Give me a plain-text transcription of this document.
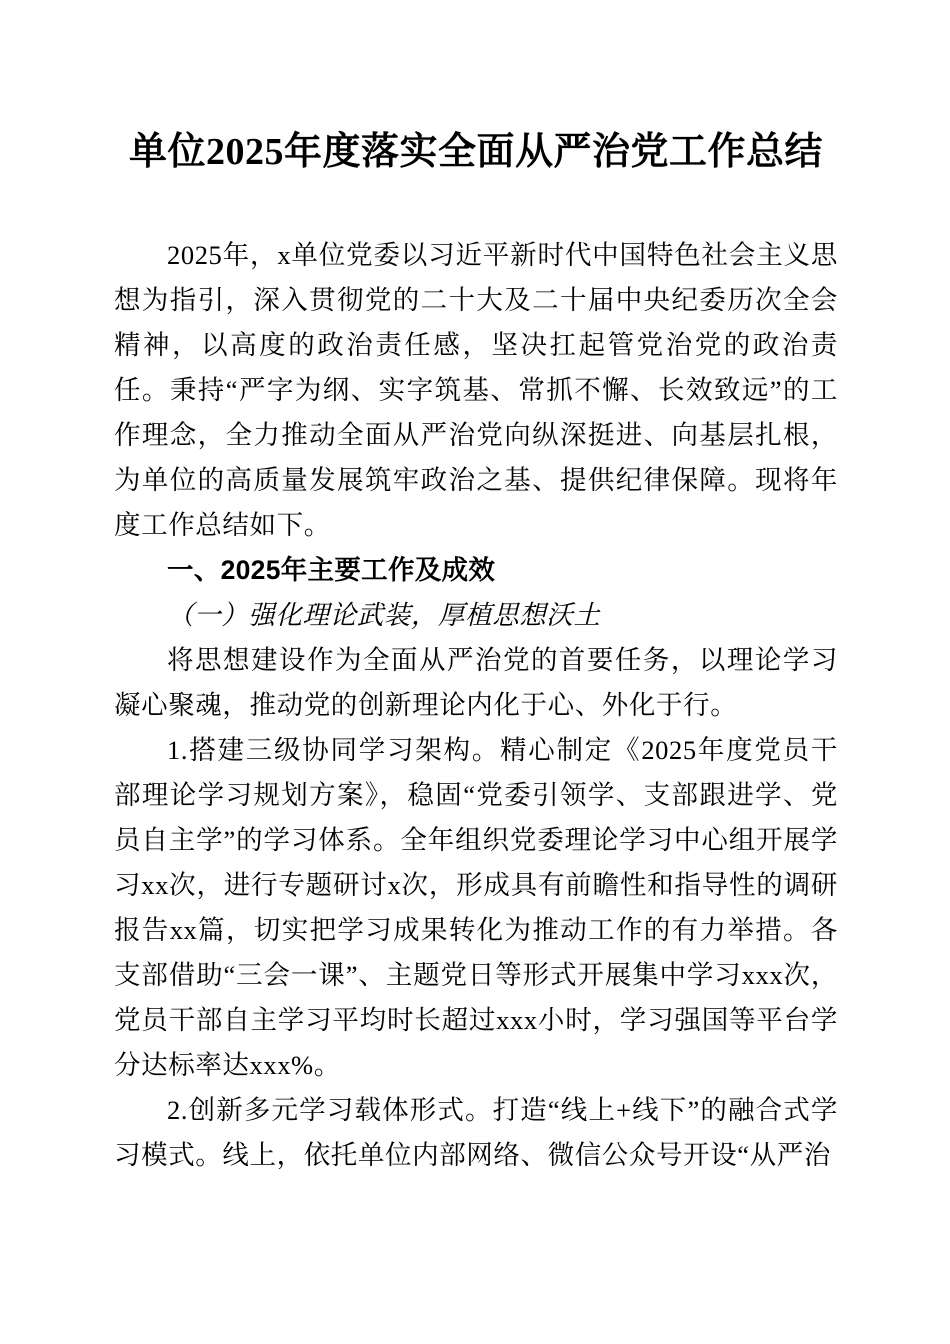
单位2025年度落实全面从严治党工作总结

2025年，x单位党委以习近平新时代中国特色社会主义思想为指引，深入贯彻党的二十大及二十届中央纪委历次全会精神，以高度的政治责任感，坚决扛起管党治党的政治责任。秉持“严字为纲、实字筑基、常抓不懈、长效致远”的工作理念，全力推动全面从严治党向纵深挺进、向基层扎根，为单位的高质量发展筑牢政治之基、提供纪律保障。现将年度工作总结如下。

一、2025年主要工作及成效

（一）强化理论武装，厚植思想沃土

将思想建设作为全面从严治党的首要任务，以理论学习凝心聚魂，推动党的创新理论内化于心、外化于行。

1.搭建三级协同学习架构。精心制定《2025年度党员干部理论学习规划方案》，稳固“党委引领学、支部跟进学、党员自主学”的学习体系。全年组织党委理论学习中心组开展学习xx次，进行专题研讨x次，形成具有前瞻性和指导性的调研报告xx篇，切实把学习成果转化为推动工作的有力举措。各支部借助“三会一课”、主题党日等形式开展集中学习xxx次，党员干部自主学习平均时长超过xxx小时，学习强国等平台学分达标率达xxx%。

2.创新多元学习载体形式。打造“线上+线下”的融合式学习模式。线上，依托单位内部网络、微信公众号开设“从严治
